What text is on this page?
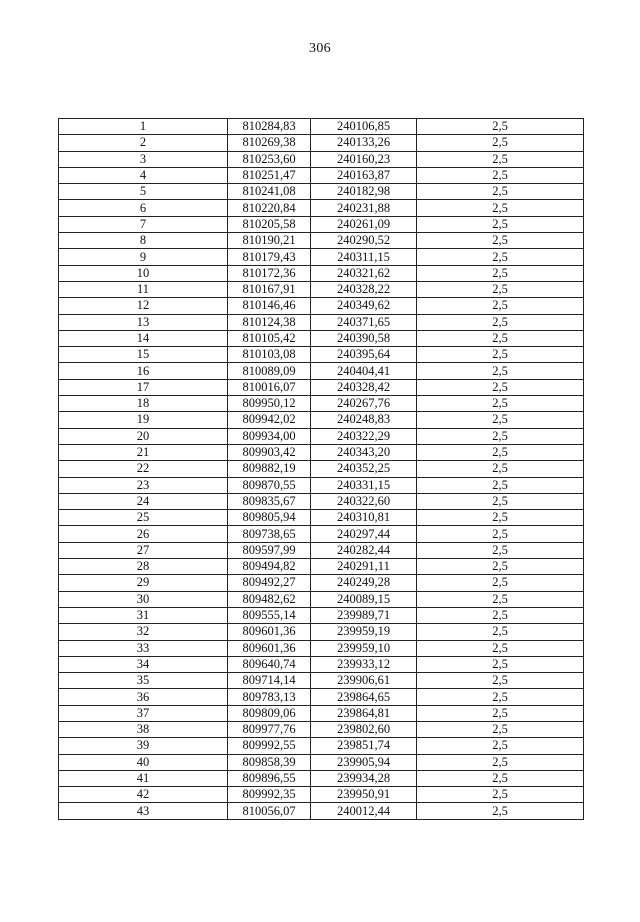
306
1	810284,83	240106,85	2,5
2	810269,38	240133,26	2,5
3	810253,60	240160,23	2,5
4	810251,47	240163,87	2,5
5	810241,08	240182,98	2,5
6	810220,84	240231,88	2,5
7	810205,58	240261,09	2,5
8	810190,21	240290,52	2,5
9	810179,43	240311,15	2,5
10	810172,36	240321,62	2,5
11	810167,91	240328,22	2,5
12	810146,46	240349,62	2,5
13	810124,38	240371,65	2,5
14	810105,42	240390,58	2,5
15	810103,08	240395,64	2,5
16	810089,09	240404,41	2,5
17	810016,07	240328,42	2,5
18	809950,12	240267,76	2,5
19	809942,02	240248,83	2,5
20	809934,00	240322,29	2,5
21	809903,42	240343,20	2,5
22	809882,19	240352,25	2,5
23	809870,55	240331,15	2,5
24	809835,67	240322,60	2,5
25	809805,94	240310,81	2,5
26	809738,65	240297,44	2,5
27	809597,99	240282,44	2,5
28	809494,82	240291,11	2,5
29	809492,27	240249,28	2,5
30	809482,62	240089,15	2,5
31	809555,14	239989,71	2,5
32	809601,36	239959,19	2,5
33	809601,36	239959,10	2,5
34	809640,74	239933,12	2,5
35	809714,14	239906,61	2,5
36	809783,13	239864,65	2,5
37	809809,06	239864,81	2,5
38	809977,76	239802,60	2,5
39	809992,55	239851,74	2,5
40	809858,39	239905,94	2,5
41	809896,55	239934,28	2,5
42	809992,35	239950,91	2,5
43	810056,07	240012,44	2,5
